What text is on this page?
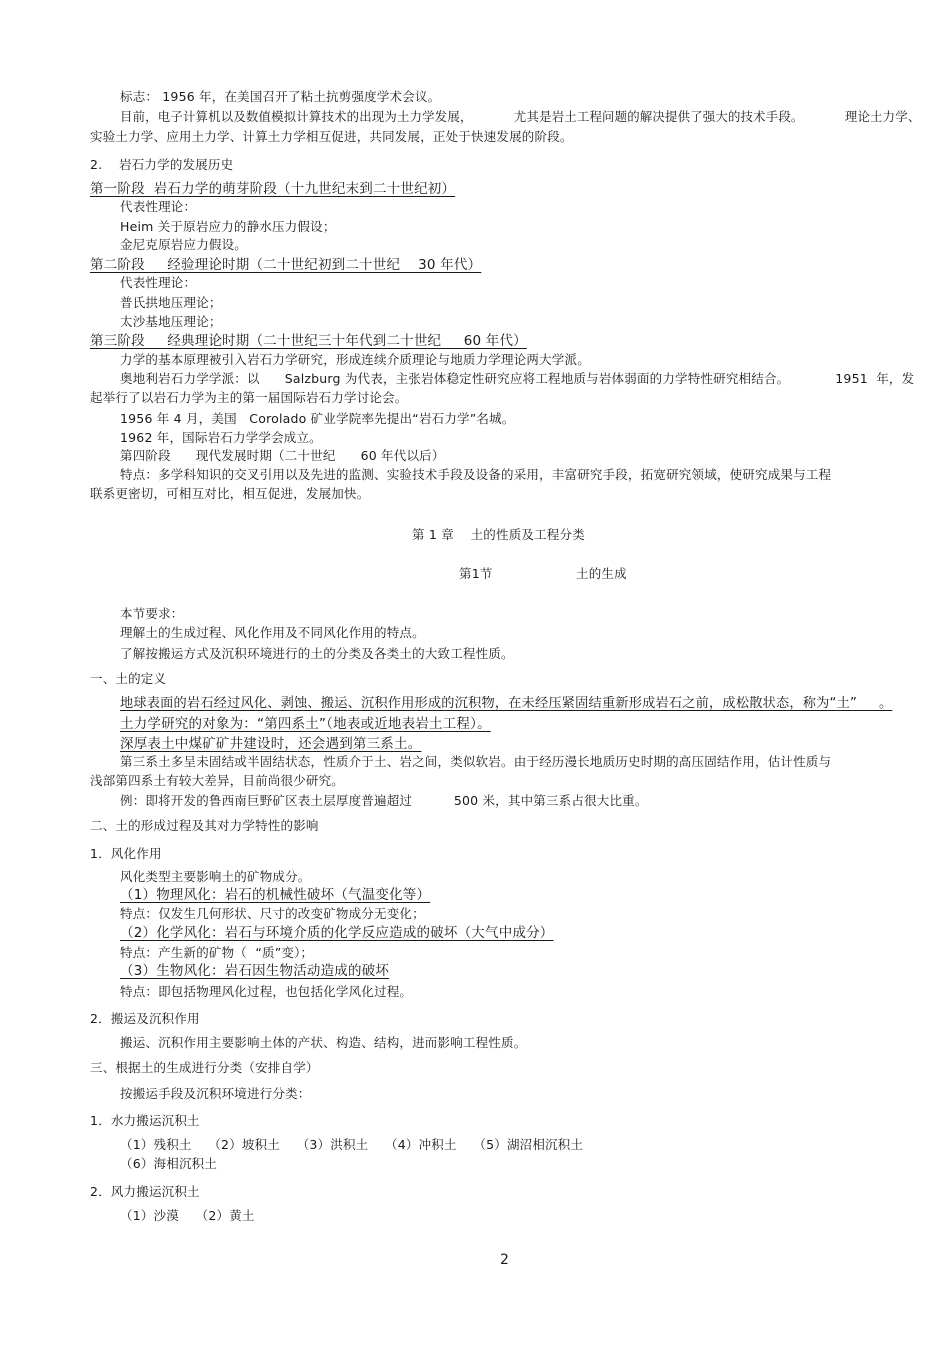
标志： 1956 年，在美国召开了粘土抗剪强度学术会议。
目前，电子计算机以及数值模拟计算技术的出现为土力学发展，          尤其是岩土工程问题的解决提供了强大的技术手段。          理论土力学、
实验土力学、应用土力学、计算土力学相互促进，共同发展，正处于快速发展的阶段。
2.    岩石力学的发展历史
第一阶段  岩石力学的萌芽阶段（十九世纪末到二十世纪初）
代表性理论：
Heim 关于原岩应力的静水压力假设；
金尼克原岩应力假设。
第二阶段     经验理论时期（二十世纪初到二十世纪    30 年代）
代表性理论：
普氏拱地压理论；
太沙基地压理论；
第三阶段     经典理论时期（二十世纪三十年代到二十世纪     60 年代）
力学的基本原理被引入岩石力学研究，形成连续介质理论与地质力学理论两大学派。
奥地利岩石力学学派：以      Salzburg 为代表，主张岩体稳定性研究应将工程地质与岩体弱面的力学特性研究相结合。           1951  年，发
起举行了以岩石力学为主的第一届国际岩石力学讨论会。
1956 年 4 月，美国   Corolado 矿业学院率先提出“岩石力学”名城。
1962 年，国际岩石力学学会成立。
第四阶段      现代发展时期（二十世纪      60 年代以后）
特点：多学科知识的交叉引用以及先进的监测、实验技术手段及设备的采用，丰富研究手段，拓宽研究领域，使研究成果与工程
联系更密切，可相互对比，相互促进，发展加快。
第 1 章    土的性质及工程分类
第1节                    土的生成
本节要求：
理解土的生成过程、风化作用及不同风化作用的特点。
了解按搬运方式及沉积环境进行的土的分类及各类土的大致工程性质。
一、土的定义
地球表面的岩石经过风化、剥蚀、搬运、沉积作用形成的沉积物，在未经压紧固结重新形成岩石之前，成松散状态，称为“土”     。
土力学研究的对象为：“第四系土”（地表或近地表岩土工程）。
深厚表土中煤矿矿井建设时，还会遇到第三系土。
第三系土多呈未固结或半固结状态，性质介于土、岩之间，类似软岩。由于经历漫长地质历史时期的高压固结作用，估计性质与
浅部第四系土有较大差异，目前尚很少研究。
例：即将开发的鲁西南巨野矿区表土层厚度普遍超过          500 米，其中第三系占很大比重。
二、土的形成过程及其对力学特性的影响
1．风化作用
风化类型主要影响土的矿物成分。
（1）物理风化：岩石的机械性破坏（气温变化等）
特点：仅发生几何形状、尺寸的改变矿物成分无变化；
（2）化学风化：岩石与环境介质的化学反应造成的破坏（大气中成分）
特点：产生新的矿物（  “质”变）；
（3）生物风化：岩石因生物活动造成的破坏
特点：即包括物理风化过程，也包括化学风化过程。
2．搬运及沉积作用
搬运、沉积作用主要影响土体的产状、构造、结构，进而影响工程性质。
三、根据土的生成进行分类（安排自学）
按搬运手段及沉积环境进行分类：
1．水力搬运沉积土
（1）残积土    （2）坡积土    （3）洪积土    （4）冲积土    （5）湖沼相沉积土
（6）海相沉积土
2．风力搬运沉积土
（1）沙漠    （2）黄土
2
